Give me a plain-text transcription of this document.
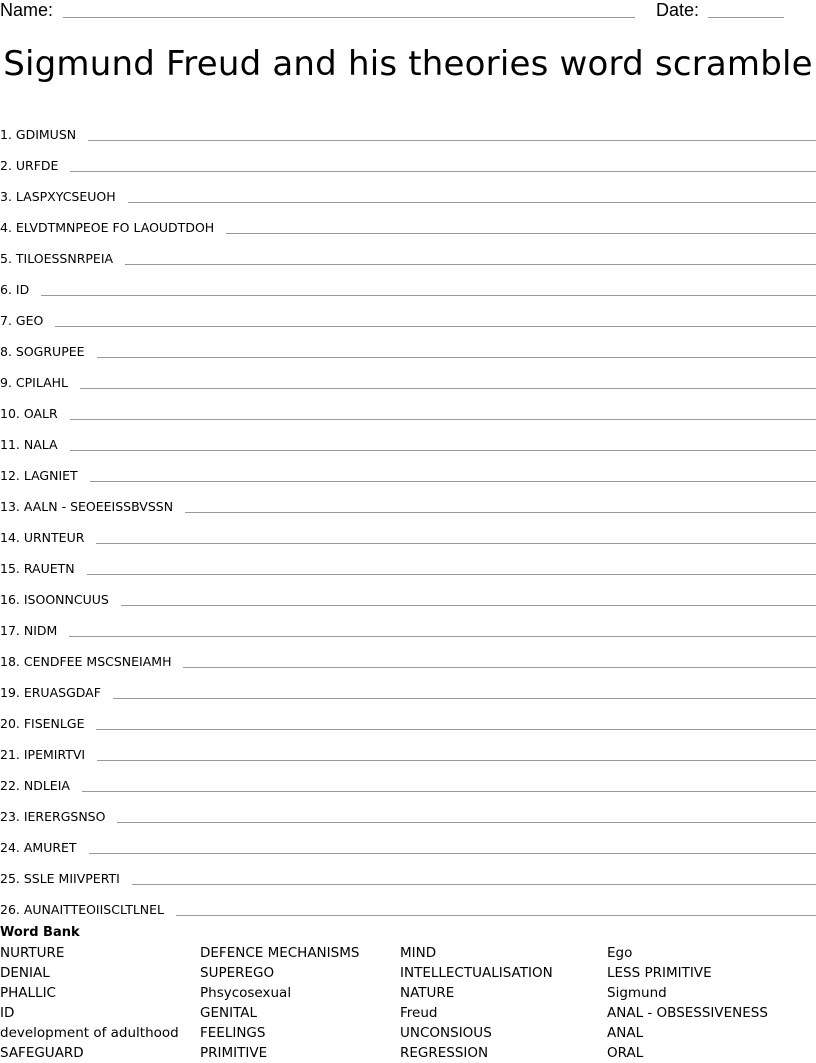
Name:	Date:
Sigmund Freud and his theories word scramble
1. GDIMUSN
2. URFDE
3. LASPXYCSEUOH
4. ELVDTMNPEOE FO LAOUDTDOH
5. TILOESSNRPEIA
6. ID
7. GEO
8. SOGRUPEE
9. CPILAHL
10. OALR
11. NALA
12. LAGNIET
13. AALN - SEOEEISSBVSSN
14. URNTEUR
15. RAUETN
16. ISOONNCUUS
17. NIDM
18. CENDFEE MSCSNEIAMH
19. ERUASGDAF
20. FISENLGE
21. IPEMIRTVI
22. NDLEIA
23. IERERGSNSO
24. AMURET
25. SSLE MIIVPERTI
26. AUNAITTEOIISCLTLNEL
Word Bank
NURTURE
DENIAL
PHALLIC
ID
development of adulthood
SAFEGUARD
DEFENCE MECHANISMS
SUPEREGO
Phsycosexual
GENITAL
FEELINGS
PRIMITIVE
MIND
INTELLECTUALISATION
NATURE
Freud
UNCONSIOUS
REGRESSION
Ego
LESS PRIMITIVE
Sigmund
ANAL - OBSESSIVENESS
ANAL
ORAL
